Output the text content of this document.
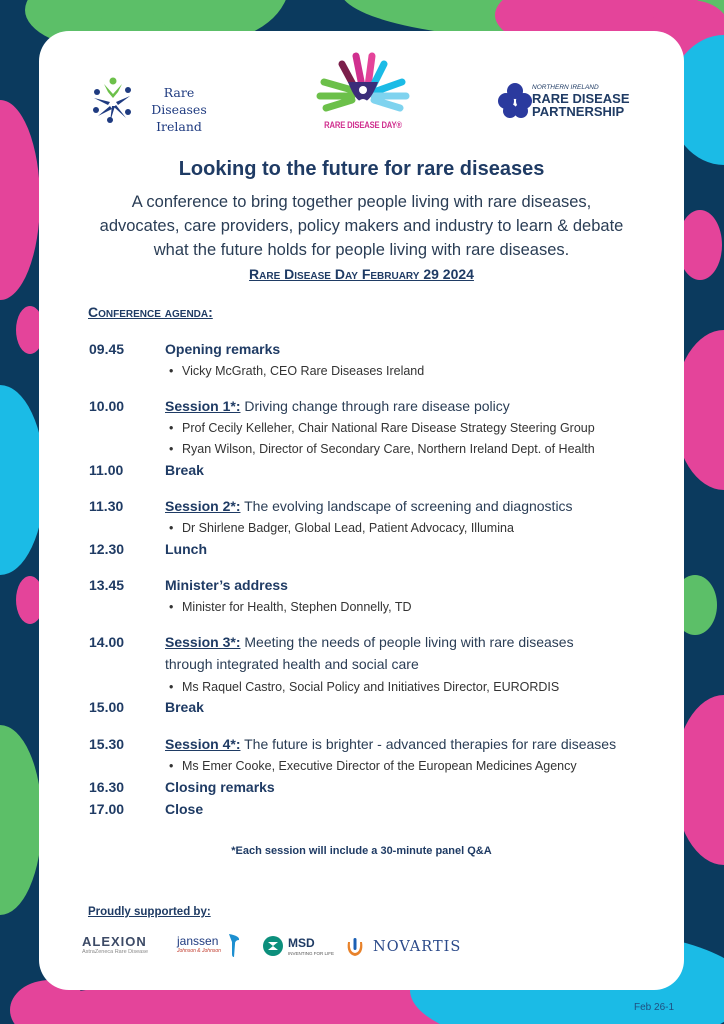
Rare Diseases
Ireland	RARE DISEASE DAY®
NORTHERN IRELAND
RARE DISEASE
PARTNERSHIP
Looking to the future for rare diseases
A conference to bring together people living with rare diseases,
advocates, care providers, policy makers and industry to learn & debate
what the future holds for people living with rare diseases.
Rare Disease Day February 29 2024
Conference agenda:
09.45	Opening remarks
• Vicky McGrath, CEO Rare Diseases Ireland
10.00	Session 1*: Driving change through rare disease policy
• Prof Cecily Kelleher, Chair National Rare Disease Strategy Steering Group
• Ryan Wilson, Director of Secondary Care, Northern Ireland Dept. of Health
11.00	Break
11.30	Session 2*: The evolving landscape of screening and diagnostics
• Dr Shirlene Badger, Global Lead, Patient Advocacy, Illumina
12.30	Lunch
13.45	Minister’s address
• Minister for Health, Stephen Donnelly, TD
14.00	Session 3*: Meeting the needs of people living with rare diseases
through integrated health and social care
• Ms Raquel Castro, Social Policy and Initiatives Director, EURORDIS
15.00	Break
15.30	Session 4*: The future is brighter - advanced therapies for rare diseases
• Ms Emer Cooke, Executive Director of the European Medicines Agency
16.30	Closing remarks
17.00	Close
*Each session will include a 30-minute panel Q&A
Proudly supported by:
ALEXION
AstraZeneca Rare Disease
janssen
Johnson & Johnson
MSD
INVENTING FOR LIFE	NOVARTIS
Feb 26-1
